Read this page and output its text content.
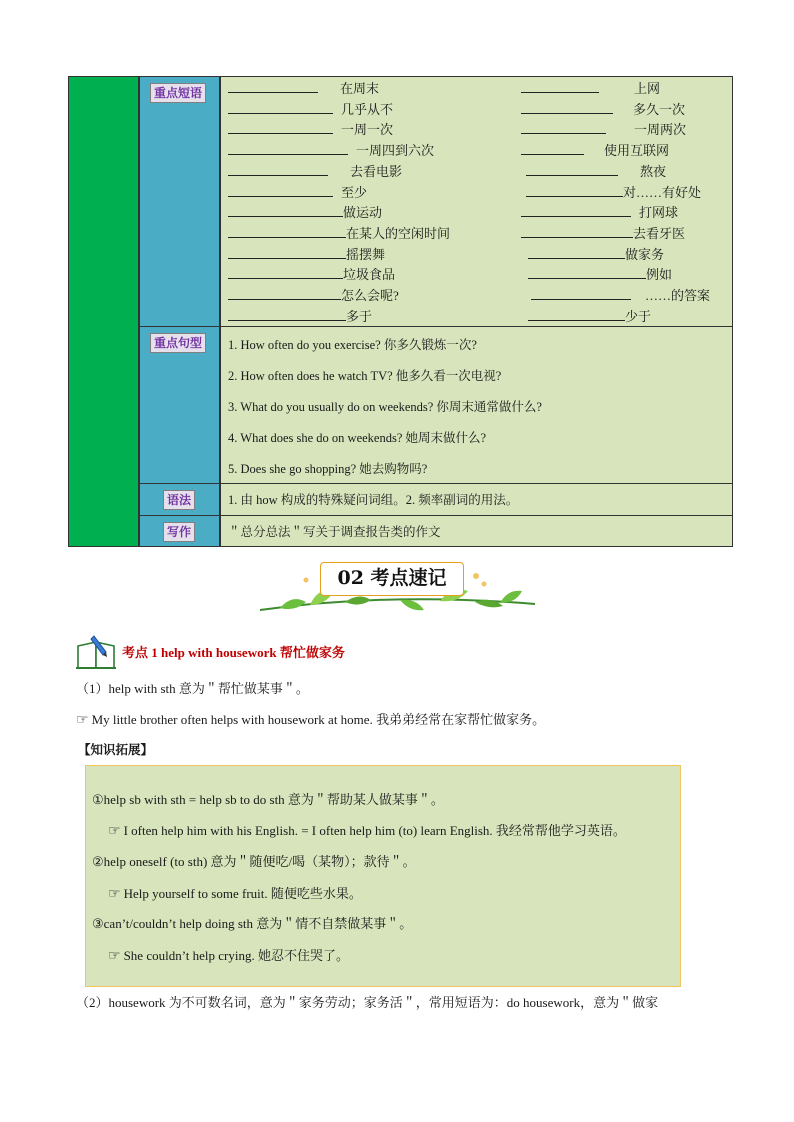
重点短语	在周末	上网
几乎从不	多久一次
一周一次	一周两次
一周四到六次	使用互联网
去看电影	熬夜
至少	对……有好处
做运动	打网球
在某人的空闲时间	去看牙医
摇摆舞	做家务
垃圾食品	例如
怎么会呢?	……的答案
多于	少于
重点句型	1. How often do you exercise? 你多久锻炼一次?
2. How often does he watch TV? 他多久看一次电视?
3. What do you usually do on weekends? 你周末通常做什么?
4. What does she do on weekends? 她周末做什么?
5. Does she go shopping? 她去购物吗?
语法	1. 由 how 构成的特殊疑问词组。2. 频率副词的用法。
写作	＂总分总法＂写关于调查报告类的作文
02 考点速记
考点 1 help with housework 帮忙做家务
（1）help with sth 意为＂帮忙做某事＂。
☞ My little brother often helps with housework at home. 我弟弟经常在家帮忙做家务。
【知识拓展】
①help sb with sth = help sb to do sth 意为＂帮助某人做某事＂。
☞ I often help him with his English. = I often help him (to) learn English. 我经常帮他学习英语。
②help oneself (to sth) 意为＂随便吃/喝（某物）；款待＂。
☞ Help yourself to some fruit. 随便吃些水果。
③can’t/couldn’t help doing sth 意为＂情不自禁做某事＂。
☞ She couldn’t help crying. 她忍不住哭了。
（2）housework 为不可数名词，意为＂家务劳动；家务活＂，常用短语为：do housework，意为＂做家
